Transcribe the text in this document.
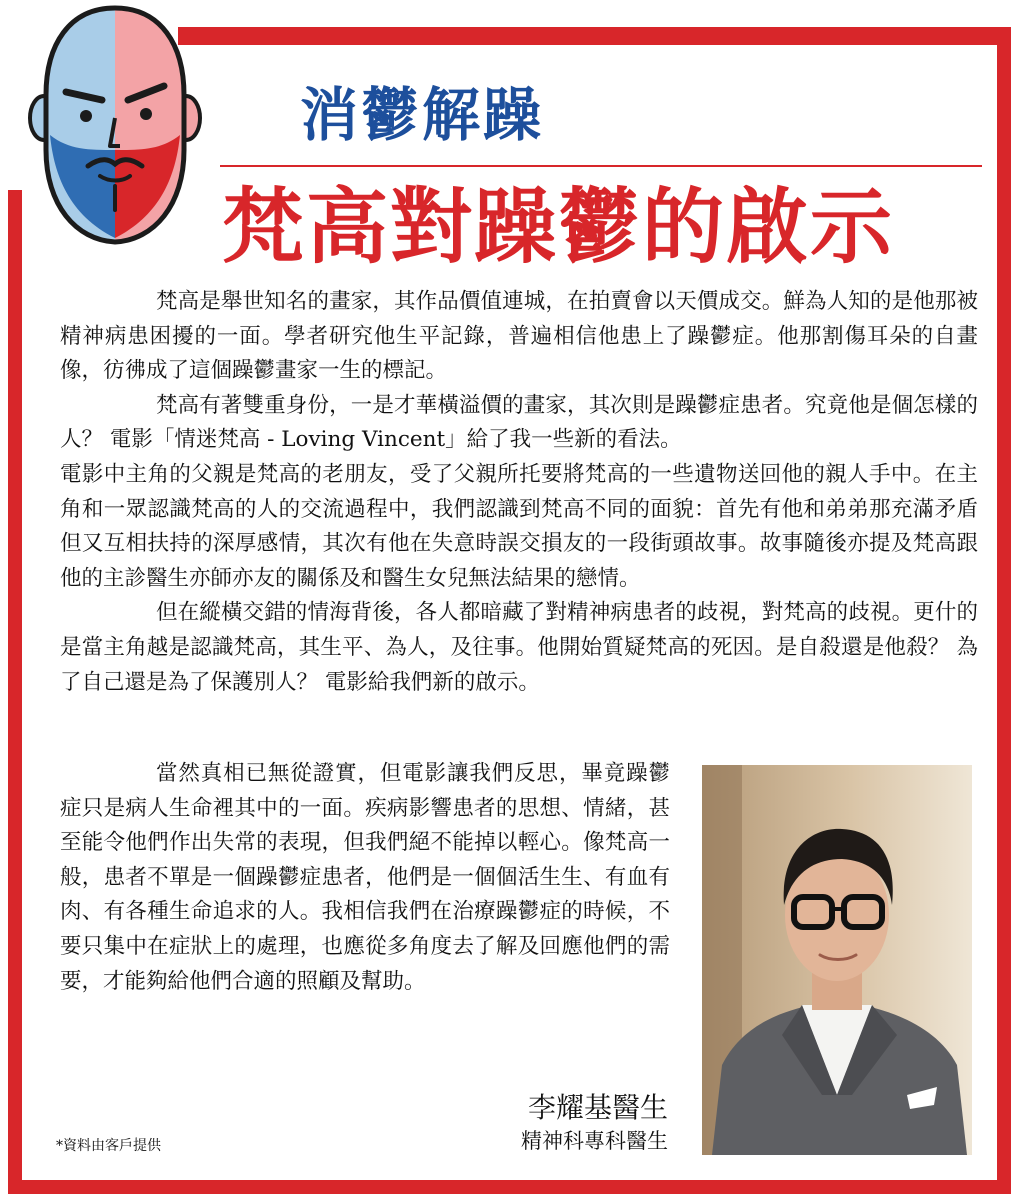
消鬱解躁
梵高對躁鬱的啟示

梵高是舉世知名的畫家，其作品價值連城，在拍賣會以天價成交。鮮為人知的是他那被精神病患困擾的一面。學者研究他生平記錄，普遍相信他患上了躁鬱症。他那割傷耳朵的自畫像，彷彿成了這個躁鬱畫家一生的標記。

梵高有著雙重身份，一是才華橫溢價的畫家，其次則是躁鬱症患者。究竟他是個怎樣的人？ 電影「情迷梵高 - Loving Vincent」給了我一些新的看法。

電影中主角的父親是梵高的老朋友，受了父親所托要將梵高的一些遺物送回他的親人手中。在主角和一眾認識梵高的人的交流過程中，我們認識到梵高不同的面貌：首先有他和弟弟那充滿矛盾但又互相扶持的深厚感情，其次有他在失意時誤交損友的一段街頭故事。故事隨後亦提及梵高跟他的主診醫生亦師亦友的關係及和醫生女兒無法結果的戀情。

但在縱橫交錯的情海背後，各人都暗藏了對精神病患者的歧視，對梵高的歧視。更什的是當主角越是認識梵高，其生平、為人，及往事。他開始質疑梵高的死因。是自殺還是他殺？ 為了自己還是為了保護別人？ 電影給我們新的啟示。

當然真相已無從證實，但電影讓我們反思，畢竟躁鬱症只是病人生命裡其中的一面。疾病影響患者的思想、情緒，甚至能令他們作出失常的表現，但我們絕不能掉以輕心。像梵高一般，患者不單是一個躁鬱症患者，他們是一個個活生生、有血有肉、有各種生命追求的人。我相信我們在治療躁鬱症的時候，不要只集中在症狀上的處理，也應從多角度去了解及回應他們的需要，才能夠給他們合適的照顧及幫助。
李耀基醫生
精神科專科醫生
*資料由客戶提供
